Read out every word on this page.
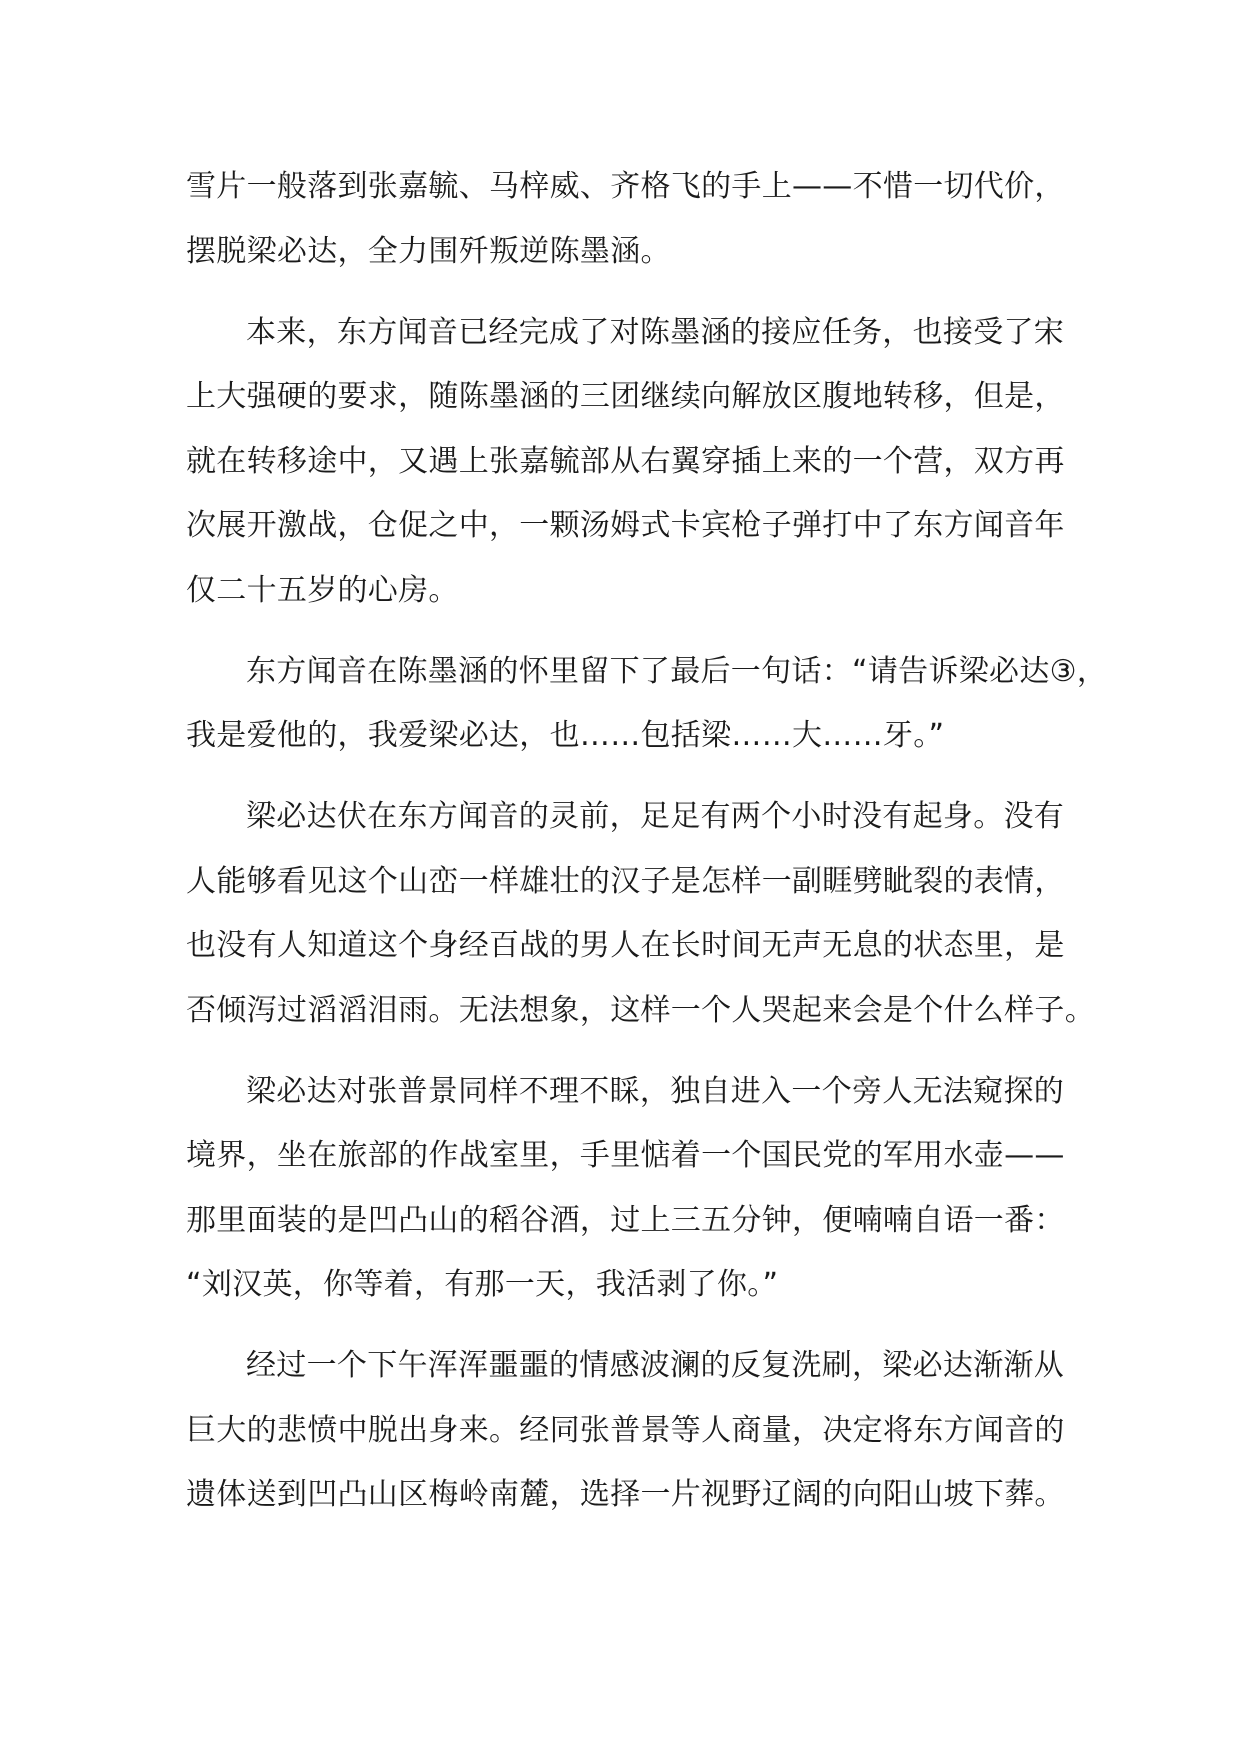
雪片一般落到张嘉毓、马梓威、齐格飞的手上——不惜一切代价，
摆脱梁必达，全力围歼叛逆陈墨涵。

本来，东方闻音已经完成了对陈墨涵的接应任务，也接受了宋
上大强硬的要求，随陈墨涵的三团继续向解放区腹地转移，但是，
就在转移途中，又遇上张嘉毓部从右翼穿插上来的一个营，双方再
次展开激战，仓促之中，一颗汤姆式卡宾枪子弹打中了东方闻音年
仅二十五岁的心房。

东方闻音在陈墨涵的怀里留下了最后一句话：“请告诉梁必达③，
我是爱他的，我爱梁必达，也……包括梁……大……牙。”

梁必达伏在东方闻音的灵前，足足有两个小时没有起身。没有
人能够看见这个山峦一样雄壮的汉子是怎样一副睚劈眦裂的表情，
也没有人知道这个身经百战的男人在长时间无声无息的状态里，是
否倾泻过滔滔泪雨。无法想象，这样一个人哭起来会是个什么样子。

梁必达对张普景同样不理不睬，独自进入一个旁人无法窥探的
境界，坐在旅部的作战室里，手里惦着一个国民党的军用水壶——
那里面装的是凹凸山的稻谷酒，过上三五分钟，便喃喃自语一番：
“刘汉英，你等着，有那一天，我活剥了你。”

经过一个下午浑浑噩噩的情感波澜的反复洗刷，梁必达渐渐从
巨大的悲愤中脱出身来。经同张普景等人商量，决定将东方闻音的
遗体送到凹凸山区梅岭南麓，选择一片视野辽阔的向阳山坡下葬。
